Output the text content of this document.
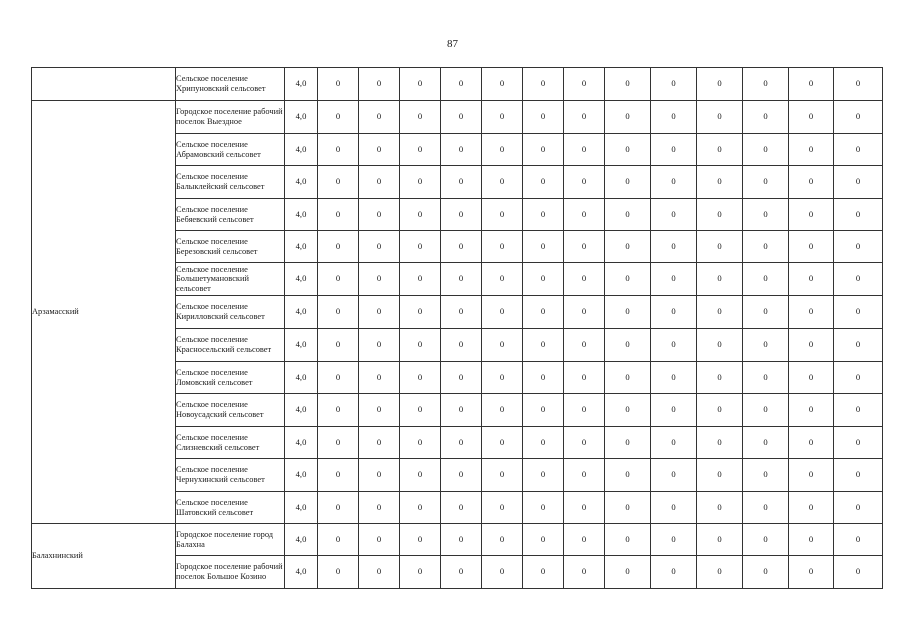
87
	Сельское поселение Хрипуновский сельсовет	4,0	0	0	0	0	0	0	0	0	0	0	0	0	0
Арзамасский	Городское поселение рабочий поселок Выездное	4,0	0	0	0	0	0	0	0	0	0	0	0	0	0
	Сельское поселение Абрамовский сельсовет	4,0	0	0	0	0	0	0	0	0	0	0	0	0	0
	Сельское поселение Балыклейский сельсовет	4,0	0	0	0	0	0	0	0	0	0	0	0	0	0
	Сельское поселение Бебяевский сельсовет	4,0	0	0	0	0	0	0	0	0	0	0	0	0	0
	Сельское поселение Березовский сельсовет	4,0	0	0	0	0	0	0	0	0	0	0	0	0	0
	Сельское поселение Большетумановский сельсовет	4,0	0	0	0	0	0	0	0	0	0	0	0	0	0
	Сельское поселение Кирилловский сельсовет	4,0	0	0	0	0	0	0	0	0	0	0	0	0	0
	Сельское поселение Красносельский сельсовет	4,0	0	0	0	0	0	0	0	0	0	0	0	0	0
	Сельское поселение Ломовский сельсовет	4,0	0	0	0	0	0	0	0	0	0	0	0	0	0
	Сельское поселение Новоусадский сельсовет	4,0	0	0	0	0	0	0	0	0	0	0	0	0	0
	Сельское поселение Слизневский сельсовет	4,0	0	0	0	0	0	0	0	0	0	0	0	0	0
	Сельское поселение Чернухинский сельсовет	4,0	0	0	0	0	0	0	0	0	0	0	0	0	0
	Сельское поселение Шатовский сельсовет	4,0	0	0	0	0	0	0	0	0	0	0	0	0	0
Балахнинский	Городское поселение город Балахна	4,0	0	0	0	0	0	0	0	0	0	0	0	0	0
	Городское поселение рабочий поселок Большое Козино	4,0	0	0	0	0	0	0	0	0	0	0	0	0	0
